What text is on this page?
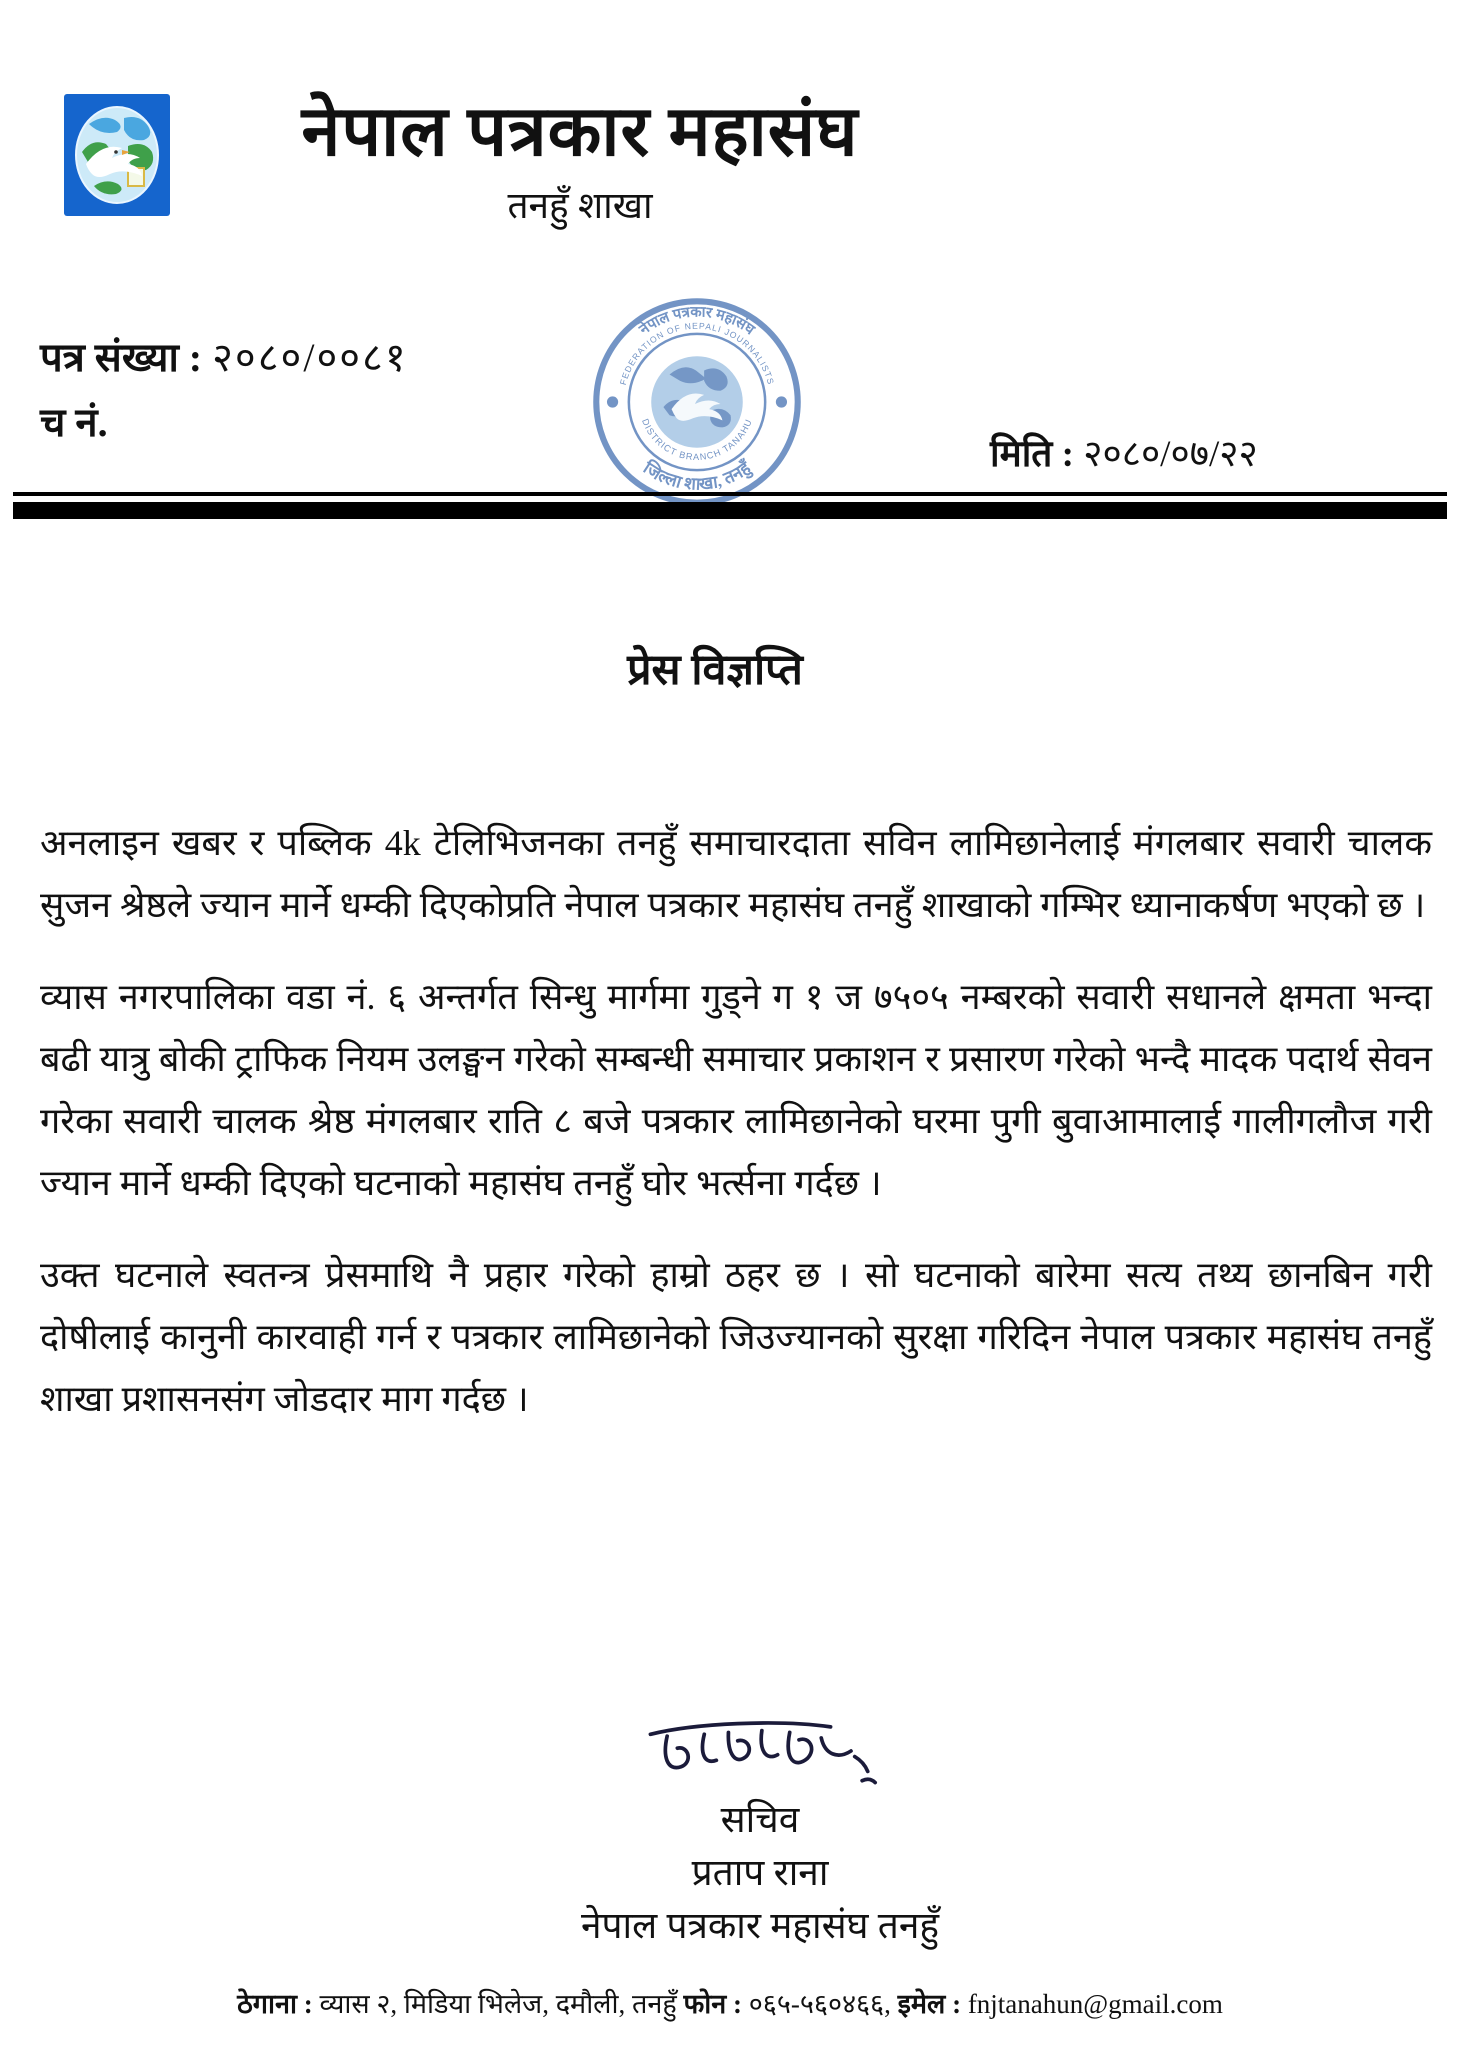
नेपाल पत्रकार महासंघ
तनहुँ शाखा
पत्र संख्या : २०८०/००८१
च नं.
नेपाल पत्रकार महासंघ
FEDERATION OF NEPALI JOURNALISTS
DISTRICT BRANCH TANAHU
जिल्ला शाखा, तनहुँ	मिति : २०८०/०७/२२
प्रेस विज्ञप्ति

अनलाइन खबर र पब्लिक 4k टेलिभिजनका तनहुँ समाचारदाता सविन लामिछानेलाई मंगलबार सवारी चालक सुजन श्रेष्ठले ज्यान मार्ने धम्की दिएकोप्रति नेपाल पत्रकार महासंघ तनहुँ शाखाको गम्भिर ध्यानाकर्षण भएको छ ।

व्यास नगरपालिका वडा नं. ६ अन्तर्गत सिन्धु मार्गमा गुड्ने ग १ ज ७५०५ नम्बरको सवारी सधानले क्षमता भन्दा बढी यात्रु बोकी ट्राफिक नियम उलङ्घन गरेको सम्बन्धी समाचार प्रकाशन र प्रसारण गरेको भन्दै मादक पदार्थ सेवन गरेका सवारी चालक श्रेष्ठ मंगलबार राति ८ बजे पत्रकार लामिछानेको घरमा पुगी बुवाआमालाई गालीगलौज गरी ज्यान मार्ने धम्की दिएको घटनाको महासंघ तनहुँ घोर भर्त्सना गर्दछ ।

उक्त घटनाले स्वतन्त्र प्रेसमाथि नै प्रहार गरेको हाम्रो ठहर छ । सो घटनाको बारेमा सत्य तथ्य छानबिन गरी दोषीलाई कानुनी कारवाही गर्न र पत्रकार लामिछानेको जिउज्यानको सुरक्षा गरिदिन नेपाल पत्रकार महासंघ तनहुँ शाखा प्रशासनसंग जोडदार माग गर्दछ ।

सचिव
प्रताप राना
नेपाल पत्रकार महासंघ तनहुँ
ठेगाना : व्यास २, मिडिया भिलेज, दमौली, तनहुँ फोन : ०६५-५६०४६६, इमेल : fnjtanahun@gmail.com
